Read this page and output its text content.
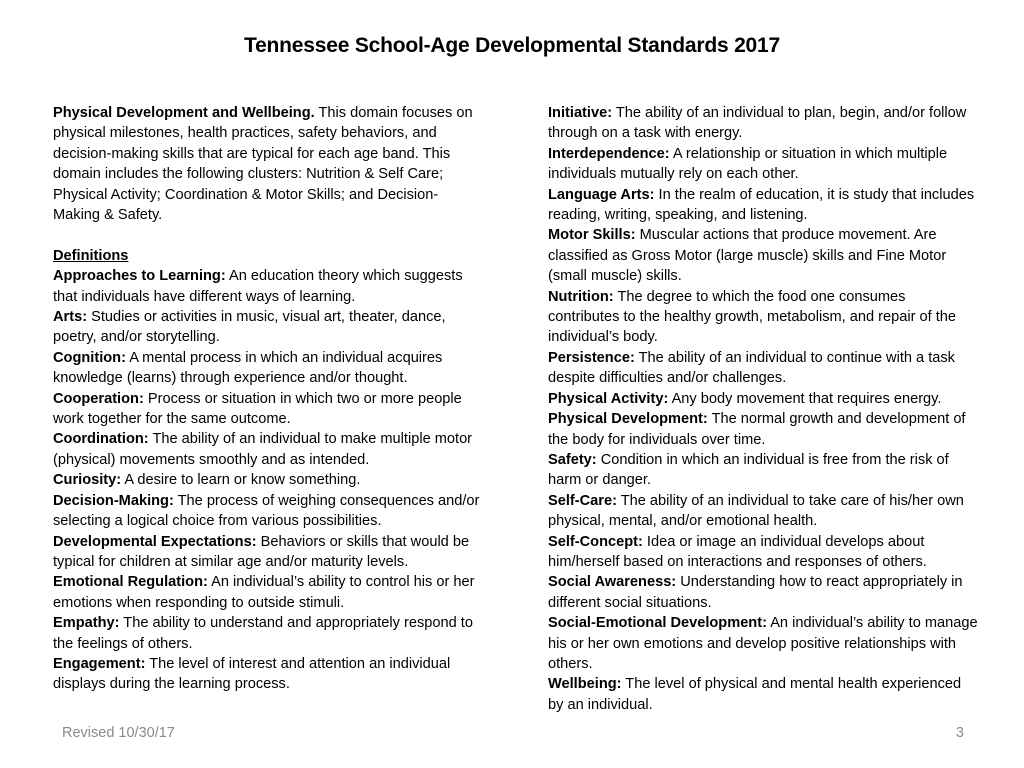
Tennessee School-Age Developmental Standards 2017

Physical Development and Wellbeing. This domain focuses on physical milestones, health practices, safety behaviors, and decision-making skills that are typical for each age band. This domain includes the following clusters: Nutrition & Self Care; Physical Activity; Coordination & Motor Skills; and Decision-Making & Safety.

Definitions

Approaches to Learning: An education theory which suggests that individuals have different ways of learning.

Arts: Studies or activities in music, visual art, theater, dance, poetry, and/or storytelling.

Cognition: A mental process in which an individual acquires knowledge (learns) through experience and/or thought.

Cooperation: Process or situation in which two or more people work together for the same outcome.

Coordination: The ability of an individual to make multiple motor (physical) movements smoothly and as intended.

Curiosity: A desire to learn or know something.

Decision-Making: The process of weighing consequences and/or selecting a logical choice from various possibilities.

Developmental Expectations: Behaviors or skills that would be typical for children at similar age and/or maturity levels.

Emotional Regulation: An individual’s ability to control his or her emotions when responding to outside stimuli.

Empathy: The ability to understand and appropriately respond to the feelings of others.

Engagement: The level of interest and attention an individual displays during the learning process.

Initiative: The ability of an individual to plan, begin, and/or follow through on a task with energy.

Interdependence: A relationship or situation in which multiple individuals mutually rely on each other.

Language Arts: In the realm of education, it is study that includes reading, writing, speaking, and listening.

Motor Skills: Muscular actions that produce movement. Are classified as Gross Motor (large muscle) skills and Fine Motor (small muscle) skills.

Nutrition: The degree to which the food one consumes contributes to the healthy growth, metabolism, and repair of the individual’s body.

Persistence: The ability of an individual to continue with a task despite difficulties and/or challenges.

Physical Activity: Any body movement that requires energy.

Physical Development: The normal growth and development of the body for individuals over time.

Safety: Condition in which an individual is free from the risk of harm or danger.

Self-Care: The ability of an individual to take care of his/her own physical, mental, and/or emotional health.

Self-Concept: Idea or image an individual develops about him/herself based on interactions and responses of others.

Social Awareness: Understanding how to react appropriately in different social situations.

Social-Emotional Development: An individual’s ability to manage his or her own emotions and develop positive relationships with others.

Wellbeing: The level of physical and mental health experienced by an individual.

Revised 10/30/17	3
